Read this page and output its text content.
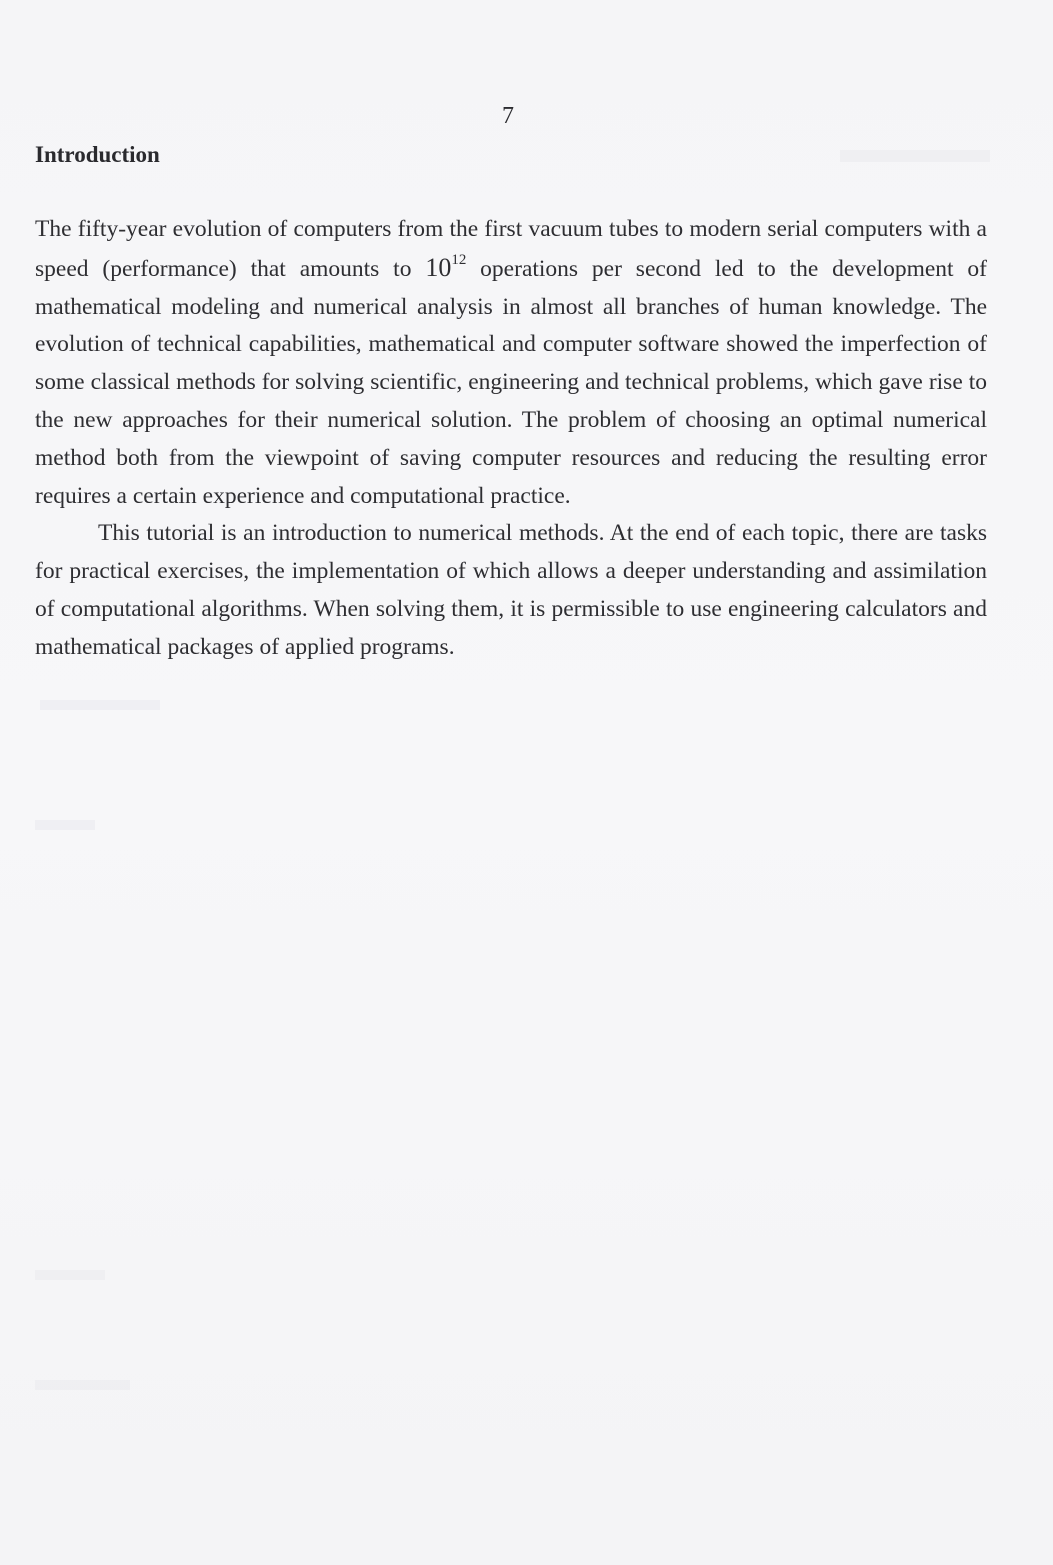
7
Introduction

The fifty-year evolution of computers from the first vacuum tubes to modern serial computers with a speed (performance) that amounts to $10^{12}$ operations per second led to the development of mathematical modeling and numerical analysis in almost all branches of human knowledge. The evolution of technical capabilities, mathematical and computer software showed the imperfection of some classical methods for solving scientific, engineering and technical problems, which gave rise to the new approaches for their numerical solution. The problem of choosing an optimal numerical method both from the viewpoint of saving computer resources and reducing the resulting error requires a certain experience and computational practice.

This tutorial is an introduction to numerical methods. At the end of each topic, there are tasks for practical exercises, the implementation of which allows a deeper understanding and assimilation of computational algorithms. When solving them, it is permissible to use engineering calculators and mathematical packages of applied programs.
